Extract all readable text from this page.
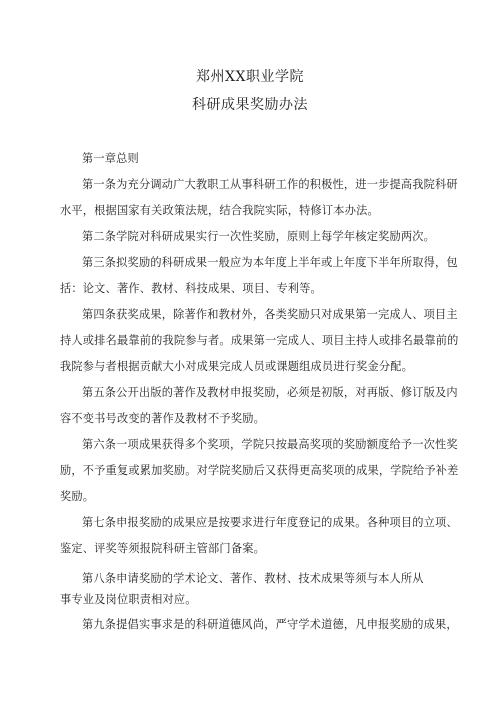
郑州XX职业学院
科研成果奖励办法

第一章总则

第一条为充分调动广大教职工从事科研工作的积极性，进一步提高我院科研
水平，根据国家有关政策法规，结合我院实际，特修订本办法。

第二条学院对科研成果实行一次性奖励，原则上每学年核定奖励两次。

第三条拟奖励的科研成果一般应为本年度上半年或上年度下半年所取得，包
括：论文、著作、教材、科技成果、项目、专利等。

第四条获奖成果，除著作和教材外，各类奖励只对成果第一完成人、项目主
持人或排名最靠前的我院参与者。成果第一完成人、项目主持人或排名最靠前的
我院参与者根据贡献大小对成果完成人员或课题组成员进行奖金分配。

第五条公开出版的著作及教材申报奖励，必须是初版，对再版、修订版及内
容不变书号改变的著作及教材不予奖励。

第六条一项成果获得多个奖项，学院只按最高奖项的奖励额度给予一次性奖
励，不予重复或累加奖励。对学院奖励后又获得更高奖项的成果，学院给予补差
奖励。

第七条申报奖励的成果应是按要求进行年度登记的成果。各种项目的立项、
鉴定、评奖等须报院科研主管部门备案。

第八条申请奖励的学术论文、著作、教材、技术成果等须与本人所从
事专业及岗位职责相对应。

第九条提倡实事求是的科研道德风尚，严守学术道德，凡申报奖励的成果，
